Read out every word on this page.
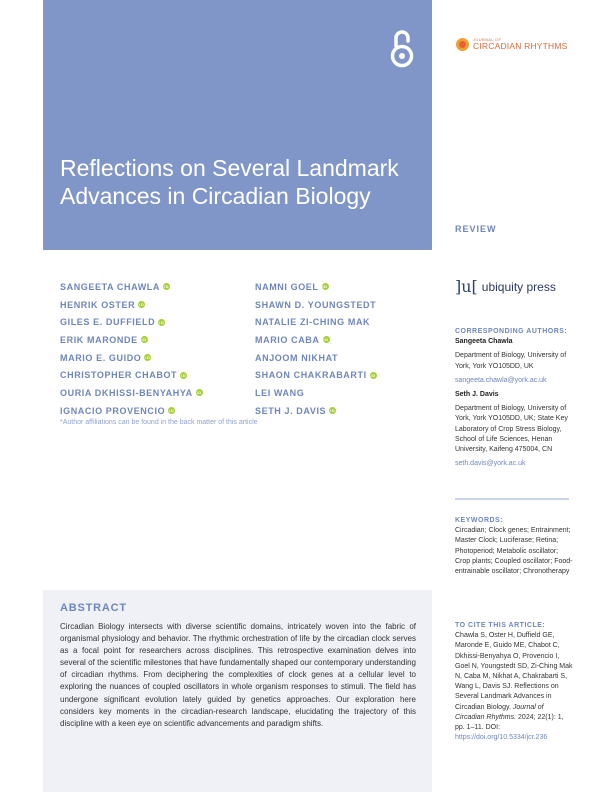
Reflections on Several Landmark Advances in Circadian Biology
JOURNAL OF
CIRCADIAN RHYTHMS
REVIEW
SANGEETA CHAWLA iD
HENRIK OSTER iD
GILES E. DUFFIELD iD
ERIK MARONDE iD
MARIO E. GUIDO iD
CHRISTOPHER CHABOT iD
OURIA DKHISSI-BENYAHYA iD
IGNACIO PROVENCIO iD
NAMNI GOEL iD
SHAWN D. YOUNGSTEDT
NATALIE ZI-CHING MAK
MARIO CABA iD
ANJOOM NIKHAT
SHAON CHAKRABARTI iD
LEI WANG
SETH J. DAVIS iD
*Author affiliations can be found in the back matter of this article
]u[ ubiquity press
CORRESPONDING AUTHORS:
Sangeeta Chawla
Department of Biology, University of York, York YO105DD, UK
sangeeta.chawla@york.ac.uk
Seth J. Davis
Department of Biology, University of York, York YO105DD, UK; State Key Laboratory of Crop Stress Biology, School of Life Sciences, Henan University, Kaifeng 475004, CN
seth.davis@york.ac.uk
KEYWORDS:
Circadian; Clock genes; Entrainment; Master Clock; Luciferase; Retina; Photoperiod; Metabolic oscillator; Crop plants; Coupled oscillator; Food-entrainable oscillator; Chronotherapy
TO CITE THIS ARTICLE:
Chawla S, Oster H, Duffield GE, Maronde E, Guido ME, Chabot C, Dkhissi-Benyahya O, Provencio I, Goel N, Youngstedt SD, Zi-Ching Mak N, Caba M, Nikhat A, Chakrabarti S, Wang L, Davis SJ. Reflections on Several Landmark Advances in Circadian Biology. Journal of Circadian Rhythms. 2024; 22(1): 1, pp. 1–11. DOI: https://doi.org/10.5334/jcr.236
ABSTRACT

Circadian Biology intersects with diverse scientific domains, intricately woven into the fabric of organismal physiology and behavior. The rhythmic orchestration of life by the circadian clock serves as a focal point for researchers across disciplines. This retrospective examination delves into several of the scientific milestones that have fundamentally shaped our contemporary understanding of circadian rhythms. From deciphering the complexities of clock genes at a cellular level to exploring the nuances of coupled oscillators in whole organism responses to stimuli. The field has undergone significant evolution lately guided by genetics approaches. Our exploration here considers key moments in the circadian-research landscape, elucidating the trajectory of this discipline with a keen eye on scientific advancements and paradigm shifts.
